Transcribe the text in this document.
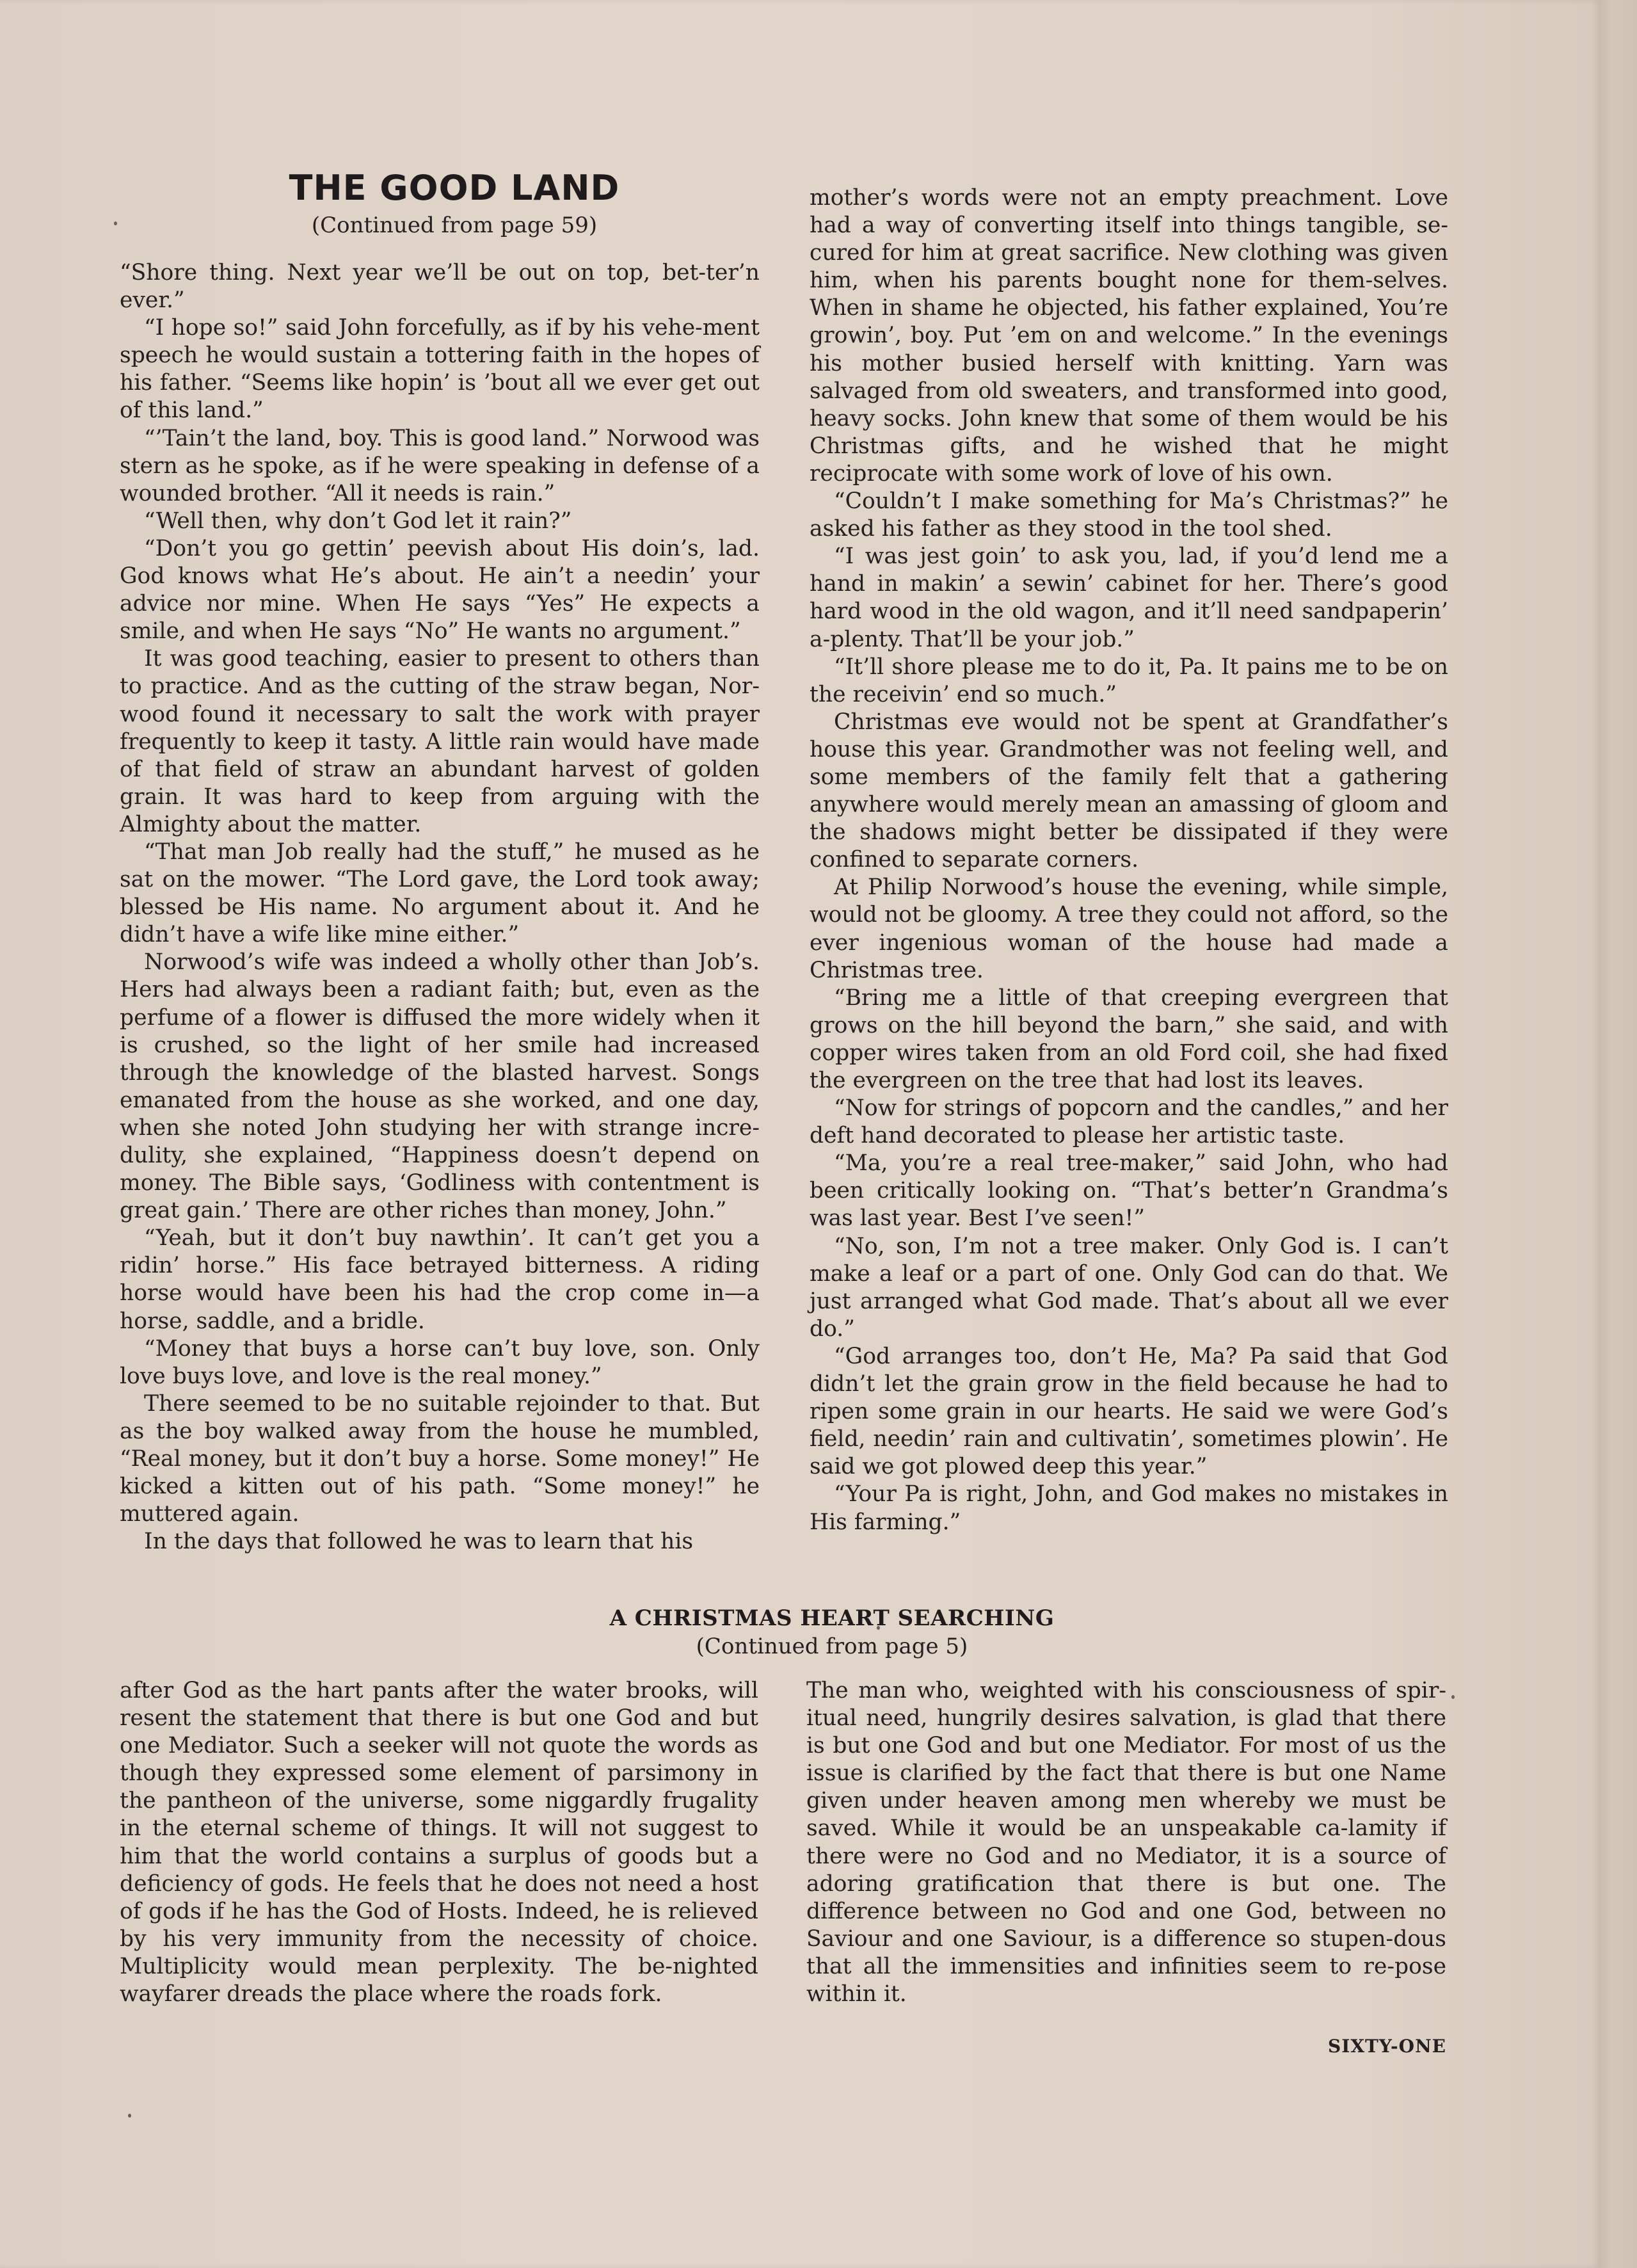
THE GOOD LAND
(Continued from page 59)

“Shore thing. Next year we’ll be out on top, bet-ter’n ever.”

“I hope so!” said John forcefully, as if by his vehe-ment speech he would sustain a tottering faith in the hopes of his father. “Seems like hopin’ is ’bout all we ever get out of this land.”

“’Tain’t the land, boy. This is good land.” Norwood was stern as he spoke, as if he were speaking in defense of a wounded brother. “All it needs is rain.”

“Well then, why don’t God let it rain?”

“Don’t you go gettin’ peevish about His doin’s, lad. God knows what He’s about. He ain’t a needin’ your advice nor mine. When He says “Yes” He expects a smile, and when He says “No” He wants no argument.”

It was good teaching, easier to present to others than to practice. And as the cutting of the straw began, Nor-wood found it necessary to salt the work with prayer frequently to keep it tasty. A little rain would have made of that field of straw an abundant harvest of golden grain. It was hard to keep from arguing with the Almighty about the matter.

“That man Job really had the stuff,” he mused as he sat on the mower. “The Lord gave, the Lord took away; blessed be His name. No argument about it. And he didn’t have a wife like mine either.”

Norwood’s wife was indeed a wholly other than Job’s. Hers had always been a radiant faith; but, even as the perfume of a flower is diffused the more widely when it is crushed, so the light of her smile had increased through the knowledge of the blasted harvest. Songs emanated from the house as she worked, and one day, when she noted John studying her with strange incre-dulity, she explained, “Happiness doesn’t depend on money. The Bible says, ‘Godliness with contentment is great gain.’ There are other riches than money, John.”

“Yeah, but it don’t buy nawthin’. It can’t get you a ridin’ horse.” His face betrayed bitterness. A riding horse would have been his had the crop come in—a horse, saddle, and a bridle.

“Money that buys a horse can’t buy love, son. Only love buys love, and love is the real money.”

There seemed to be no suitable rejoinder to that. But as the boy walked away from the house he mumbled, “Real money, but it don’t buy a horse. Some money!” He kicked a kitten out of his path. “Some money!” he muttered again.

In the days that followed he was to learn that his

mother’s words were not an empty preachment. Love had a way of converting itself into things tangible, se-cured for him at great sacrifice. New clothing was given him, when his parents bought none for them-selves. When in shame he objected, his father explained, You’re growin’, boy. Put ’em on and welcome.” In the evenings his mother busied herself with knitting. Yarn was salvaged from old sweaters, and transformed into good, heavy socks. John knew that some of them would be his Christmas gifts, and he wished that he might reciprocate with some work of love of his own.

“Couldn’t I make something for Ma’s Christmas?” he asked his father as they stood in the tool shed.

“I was jest goin’ to ask you, lad, if you’d lend me a hand in makin’ a sewin’ cabinet for her. There’s good hard wood in the old wagon, and it’ll need sandpaperin’ a-plenty. That’ll be your job.”

“It’ll shore please me to do it, Pa. It pains me to be on the receivin’ end so much.”

Christmas eve would not be spent at Grandfather’s house this year. Grandmother was not feeling well, and some members of the family felt that a gathering anywhere would merely mean an amassing of gloom and the shadows might better be dissipated if they were confined to separate corners.

At Philip Norwood’s house the evening, while simple, would not be gloomy. A tree they could not afford, so the ever ingenious woman of the house had made a Christmas tree.

“Bring me a little of that creeping evergreen that grows on the hill beyond the barn,” she said, and with copper wires taken from an old Ford coil, she had fixed the evergreen on the tree that had lost its leaves.

“Now for strings of popcorn and the candles,” and her deft hand decorated to please her artistic taste.

“Ma, you’re a real tree-maker,” said John, who had been critically looking on. “That’s better’n Grandma’s was last year. Best I’ve seen!”

“No, son, I’m not a tree maker. Only God is. I can’t make a leaf or a part of one. Only God can do that. We just arranged what God made. That’s about all we ever do.”

“God arranges too, don’t He, Ma? Pa said that God didn’t let the grain grow in the field because he had to ripen some grain in our hearts. He said we were God’s field, needin’ rain and cultivatin’, sometimes plowin’. He said we got plowed deep this year.”

“Your Pa is right, John, and God makes no mistakes in His farming.”

A CHRISTMAS HEART SEARCHING
(Continued from page 5)

after God as the hart pants after the water brooks, will resent the statement that there is but one God and but one Mediator. Such a seeker will not quote the words as though they expressed some element of parsimony in the pantheon of the universe, some niggardly frugality in the eternal scheme of things. It will not suggest to him that the world contains a surplus of goods but a deficiency of gods. He feels that he does not need a host of gods if he has the God of Hosts. Indeed, he is relieved by his very immunity from the necessity of choice. Multiplicity would mean perplexity. The be-nighted wayfarer dreads the place where the roads fork.

The man who, weighted with his consciousness of spir-itual need, hungrily desires salvation, is glad that there is but one God and but one Mediator. For most of us the issue is clarified by the fact that there is but one Name given under heaven among men whereby we must be saved. While it would be an unspeakable ca-lamity if there were no God and no Mediator, it is a source of adoring gratification that there is but one. The difference between no God and one God, between no Saviour and one Saviour, is a difference so stupen-dous that all the immensities and infinities seem to re-pose within it.

SIXTY-ONE
